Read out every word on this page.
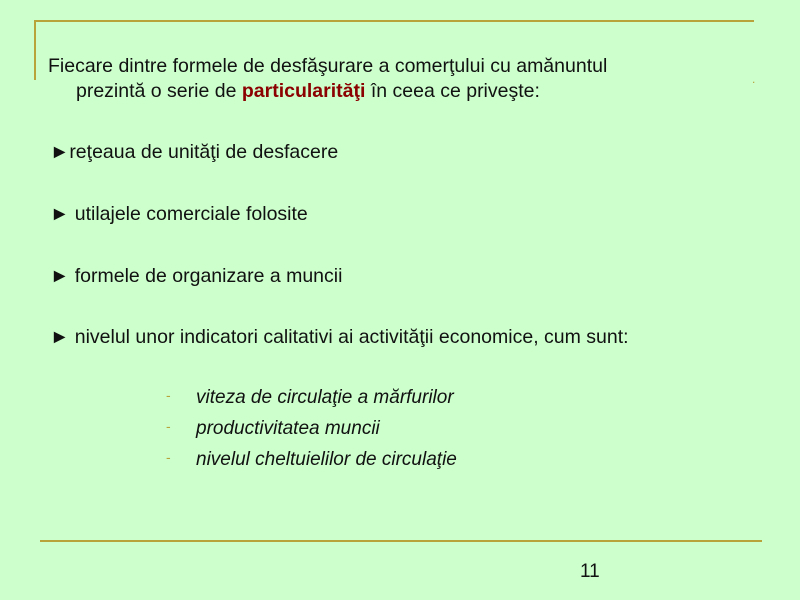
.
Fiecare dintre formele de desfăşurare a comerţului cu amănuntul
prezintă o serie de particularităţi în ceea ce priveşte:
►reţeaua de unităţi de desfacere
► utilajele comerciale folosite
► formele de organizare a muncii
► nivelul unor indicatori calitativi ai activităţii economice, cum sunt:
- viteza de circulaţie a mărfurilor
- productivitatea muncii
- nivelul cheltuielilor de circulaţie
11
